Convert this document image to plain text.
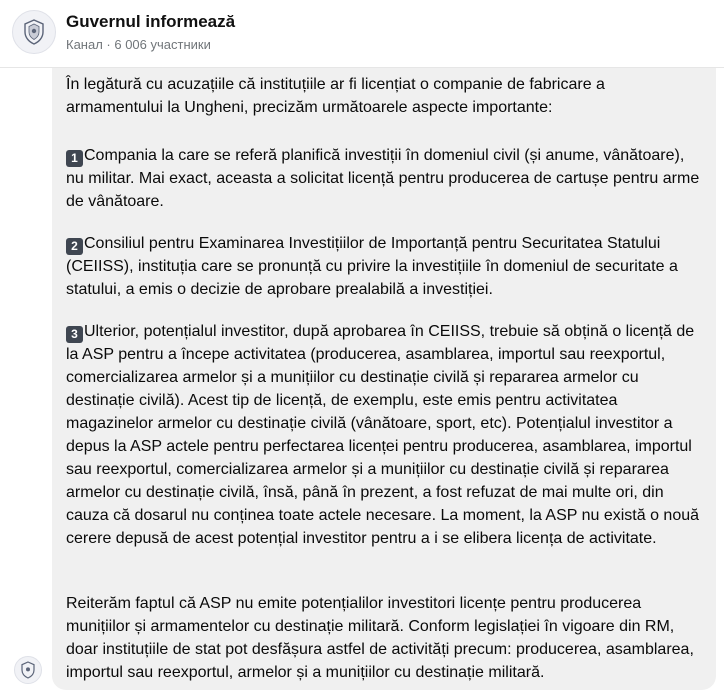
Guvernul informează
Канал · 6 006 участники
În legătură cu acuzațiile că instituțiile ar fi licențiat o companie de fabricare a armamentului la Ungheni, precizăm următoarele aspecte importante:
1 Compania la care se referă planifică investiții în domeniul civil (și anume, vânătoare), nu militar. Mai exact, aceasta a solicitat licență pentru producerea de cartușe pentru arme de vânătoare.
2 Consiliul pentru Examinarea Investițiilor de Importanță pentru Securitatea Statului (CEIISS), instituția care se pronunță cu privire la investițiile în domeniul de securitate a statului, a emis o decizie de aprobare prealabilă a investiției.
3 Ulterior, potențialul investitor, după aprobarea în CEIISS, trebuie să obțină o licență de la ASP pentru a începe activitatea (producerea, asamblarea, importul sau reexportul, comercializarea armelor și a munițiilor cu destinație civilă și repararea armelor cu destinație civilă). Acest tip de licență, de exemplu, este emis pentru activitatea magazinelor armelor cu destinație civilă (vânătoare, sport, etc). Potențialul investitor a depus la ASP actele pentru perfectarea licenței pentru producerea, asamblarea, importul sau reexportul, comercializarea armelor și a munițiilor cu destinație civilă și repararea armelor cu destinație civilă, însă, până în prezent, a fost refuzat de mai multe ori, din cauza că dosarul nu conținea toate actele necesare. La moment, la ASP nu există o nouă cerere depusă de acest potențial investitor pentru a i se elibera licența de activitate.
Reiterăm faptul că ASP nu emite potențialilor investitori licențe pentru producerea munițiilor și armamentelor cu destinație militară. Conform legislației în vigoare din RM, doar instituțiile de stat pot desfășura astfel de activități precum: producerea, asamblarea, importul sau reexportul, armelor și a munițiilor cu destinație militară.
